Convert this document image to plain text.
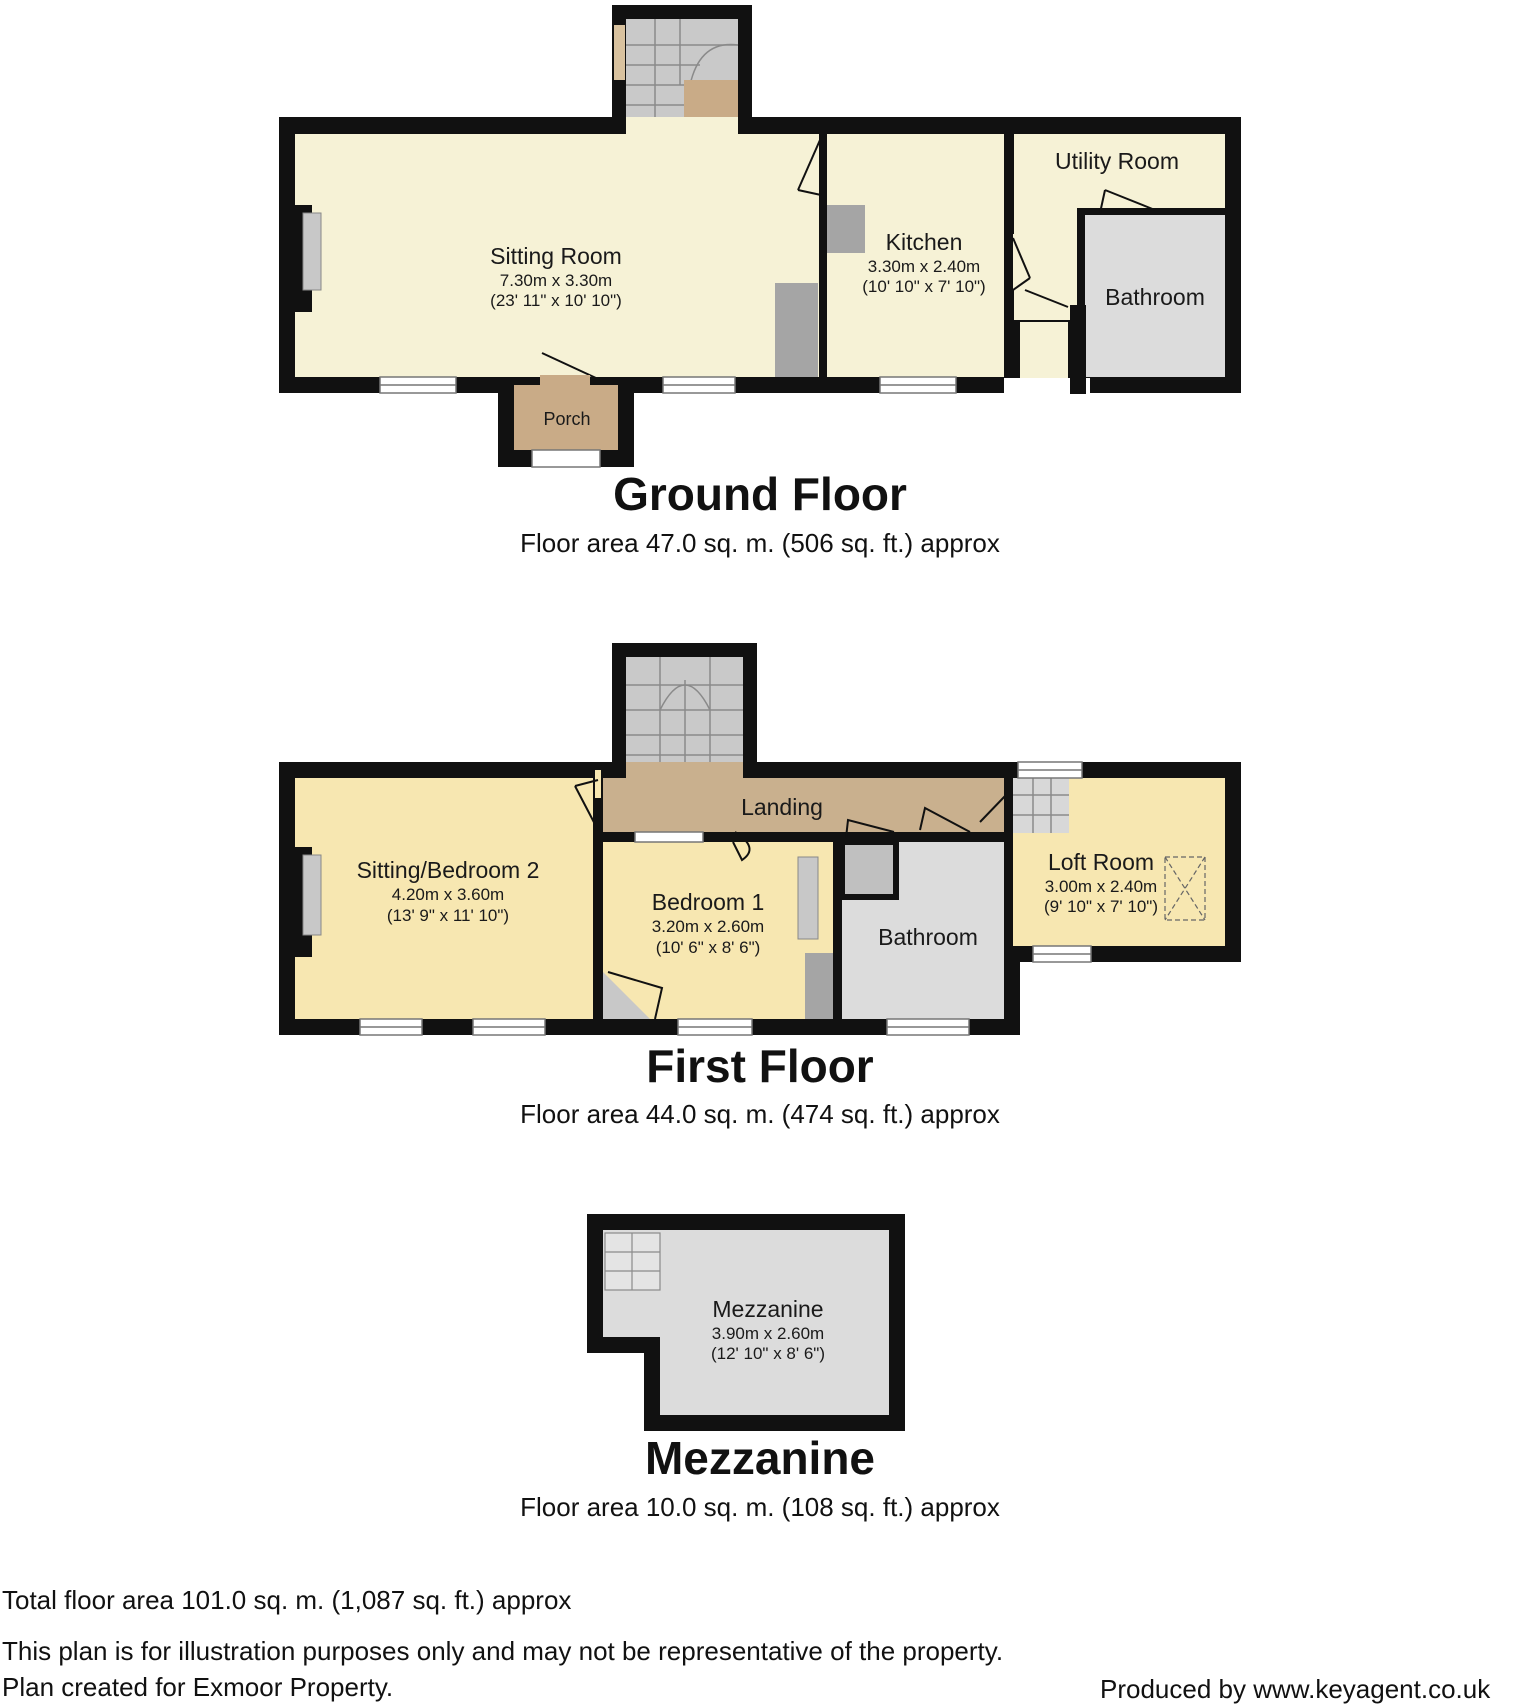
Sitting Room
7.30m x 3.30m
(23' 11" x 10' 10")
Kitchen
3.30m x 2.40m
(10' 10" x 7' 10")
Utility Room
Bathroom
Porch
Ground Floor
Floor area 47.0 sq. m. (506 sq. ft.) approx
Sitting/Bedroom 2
4.20m x 3.60m
(13' 9" x 11' 10")
Landing
Bedroom 1
3.20m x 2.60m
(10' 6" x 8' 6")	Bathroom
Loft Room
3.00m x 2.40m
(9' 10" x 7' 10")
First Floor
Floor area 44.0 sq. m. (474 sq. ft.) approx
Mezzanine
3.90m x 2.60m
(12' 10" x 8' 6")
Mezzanine
Floor area 10.0 sq. m. (108 sq. ft.) approx
Total floor area 101.0 sq. m. (1,087 sq. ft.) approx
This plan is for illustration purposes only and may not be representative of the property.
Plan created for Exmoor Property.	Produced by www.keyagent.co.uk
